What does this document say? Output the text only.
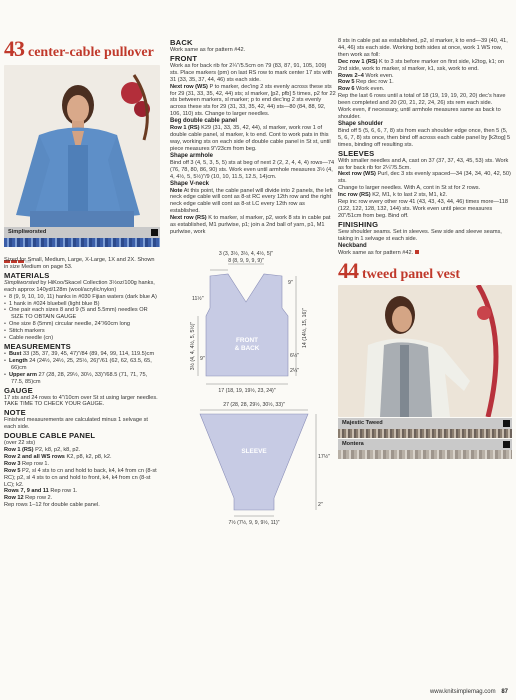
43 center-cable pullover
Simpliworsted

Sized for Small, Medium, Large, X-Large, 1X and 2X. Shown in size Medium on page 53.

MATERIALS

Simpliworsted by HiKoo/Skacel Collection 3½oz/100g hanks, each approx 140yd/128m (wool/acrylic/nylon)

• 8 (9, 9, 10, 10, 11) hanks in #030 Fijian waters (dark blue A)
• 1 hank in #024 bluebell (light blue B)
• One pair each sizes 8 and 9 (5 and 5.5mm) needles OR SIZE TO OBTAIN GAUGE
• One size 8 (5mm) circular needle, 24"/60cm long
• Stitch markers
• Cable needle (cn)

MEASUREMENTS

• Bust 33 (35, 37, 39, 45, 47)"/84 (89, 94, 99, 114, 119.5)cm
• Length 24 (24½, 24½, 25, 25½, 26)"/61 (62, 62, 63.5, 65, 66)cm
• Upper arm 27 (28, 28, 29½, 30½, 33)"/68.5 (71, 71, 75, 77.5, 85)cm

GAUGE

17 sts and 24 rows to 4"/10cm over St st using larger needles.

TAKE TIME TO CHECK YOUR GAUGE.

NOTE

Finished measurements are calculated minus 1 selvage st each side.

DOUBLE CABLE PANEL

(over 22 sts)

Row 1 (RS) P2, k8, p2, k8, p2.

Row 2 and all WS rows K2, p8, k2, p8, k2.

Row 3 Rep row 1.

Row 5 P2, sl 4 sts to cn and hold to back, k4, k4 from cn (8-st RC); p2, sl 4 sts to cn and hold to front, k4, k4 from cn (8-st LC); k2.

Rows 7, 9 and 11 Rep row 1.

Row 12 Rep row 2.

Rep rows 1–12 for double cable panel.

BACK

Work same as for pattern #42.

FRONT

Work as for back rib for 2¼"/5.5cm on 79 (83, 87, 91, 105, 109) sts. Place markers (pm) on last RS row to mark center 17 sts with 31 (33, 35, 37, 44, 46) sts each side.

Next row (WS) P to marker, dec'ing 2 sts evenly across these sts for 29 (31, 33, 35, 42, 44) sts; sl marker, [p2, pfb] 5 times, p2 for 22 sts between markers, sl marker; p to end dec'ing 2 sts evenly across these sts for 29 (31, 33, 35, 42, 44) sts—80 (84, 88, 92, 106, 110) sts. Change to larger needles.

Beg double cable panel

Row 1 (RS) K29 (31, 33, 35, 42, 44), sl marker, work row 1 of double cable panel, sl marker, k to end. Cont to work pats in this way, working sts on each side of double cable panel in St st, until piece measures 9"/23cm from beg.

Shape armhole

Bind off 3 (4, 5, 3, 5, 5) sts at beg of next 2 (2, 2, 4, 4, 4) rows—74 (76, 78, 80, 86, 90) sts. Work even until armhole measures 3½ (4, 4, 4½, 5, 5½)"/9 (10, 10, 11.5, 12.5, 14)cm.

Shape V-neck

Note At this point, the cable panel will divide into 2 panels, the left neck edge cable will cont as 8-st RC every 12th row and the right neck edge cable will cont as 8-st LC every 12th row as established.

Next row (RS) K to marker, sl marker, p2, work 8 sts in cable pat as established, M1 purlwise, p1; join a 2nd ball of yarn, p1, M1 purlwise, work

3 (3, 3½, 3½, 4, 4½, 5)"
8 (8, 9, 9, 9, 9)"
9"
11½"
14 (14½, 15, 16)"
3½ (4, 4, 4½, 5, 5½)" 9"	6½"
2¼"
FRONT
& BACK
17 (18, 19, 19½, 23, 24)"
27 (28, 28, 29½, 30½, 33)"
SLEEVE
17½"
2"
7½ (7½, 9, 9, 9½, 11)"

8 sts in cable pat as established, p2, sl marker, k to end—39 (40, 41, 44, 46) sts each side. Working both sides at once, work 1 WS row, then work as foll:

Dec row 1 (RS) K to 3 sts before marker on first side, k2tog, k1; on 2nd side, work to marker, sl marker, k1, ssk, work to end.

Rows 2–4 Work even.

Row 5 Rep dec row 1.

Row 6 Work even.

Rep the last 6 rows until a total of 18 (19, 19, 19, 20, 20) dec's have been completed and 20 (20, 21, 22, 24, 26) sts rem each side.

Work even, if necessary, until armhole measures same as back to shoulder.

Shape shoulder

Bind off 5 (5, 6, 6, 7, 8) sts from each shoulder edge once, then 5 (5, 5, 6, 7, 8) sts once, then bind off across each cable panel by [k2tog] 5 times, binding off resulting sts.

SLEEVES

With smaller needles and A, cast on 37 (37, 37, 43, 45, 53) sts. Work as for back rib for 2¼"/5.5cm.

Next row (WS) Purl, dec 3 sts evenly spaced—34 (34, 34, 40, 42, 50) sts.

Change to larger needles. With A, cont in St st for 2 rows.

Inc row (RS) K2, M1, k to last 2 sts, M1, k2.

Rep inc row every other row 41 (43, 43, 43, 44, 46) times more—118 (122, 122, 128, 132, 144) sts. Work even until piece measures 20"/51cm from beg. Bind off.

FINISHING

Sew shoulder seams. Set in sleeves. Sew side and sleeve seams, taking in 1 selvage st each side.

Neckband

Work same as for pattern #42.

44 tweed panel vest
Majestic Tweed
Montera
www.knitsimplemag.com 87
